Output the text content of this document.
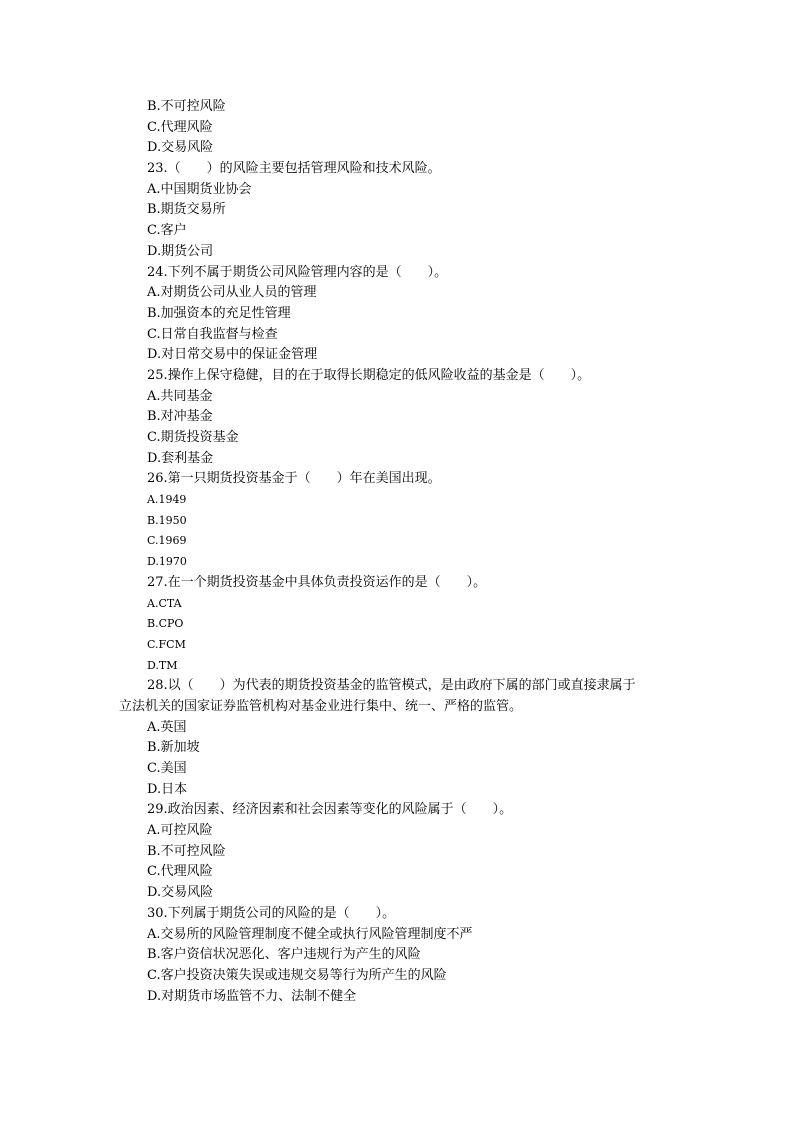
B.不可控风险
C.代理风险
D.交易风险
23.（　　）的风险主要包括管理风险和技术风险。
A.中国期货业协会
B.期货交易所
C.客户
D.期货公司
24.下列不属于期货公司风险管理内容的是（　　）。
A.对期货公司从业人员的管理
B.加强资本的充足性管理
C.日常自我监督与检查
D.对日常交易中的保证金管理
25.操作上保守稳健，目的在于取得长期稳定的低风险收益的基金是（　　）。
A.共同基金
B.对冲基金
C.期货投资基金
D.套利基金
26.第一只期货投资基金于（　　）年在美国出现。
A.1949
B.1950
C.1969
D.1970
27.在一个期货投资基金中具体负责投资运作的是（　　）。
A.CTA
B.CPO
C.FCM
D.TM
28.以（　　）为代表的期货投资基金的监管模式，是由政府下属的部门或直接隶属于
立法机关的国家证券监管机构对基金业进行集中、统一、严格的监管。
A.英国
B.新加坡
C.美国
D.日本
29.政治因素、经济因素和社会因素等变化的风险属于（　　）。
A.可控风险
B.不可控风险
C.代理风险
D.交易风险
30.下列属于期货公司的风险的是（　　）。
A.交易所的风险管理制度不健全或执行风险管理制度不严
B.客户资信状况恶化、客户违规行为产生的风险
C.客户投资决策失误或违规交易等行为所产生的风险
D.对期货市场监管不力、法制不健全
